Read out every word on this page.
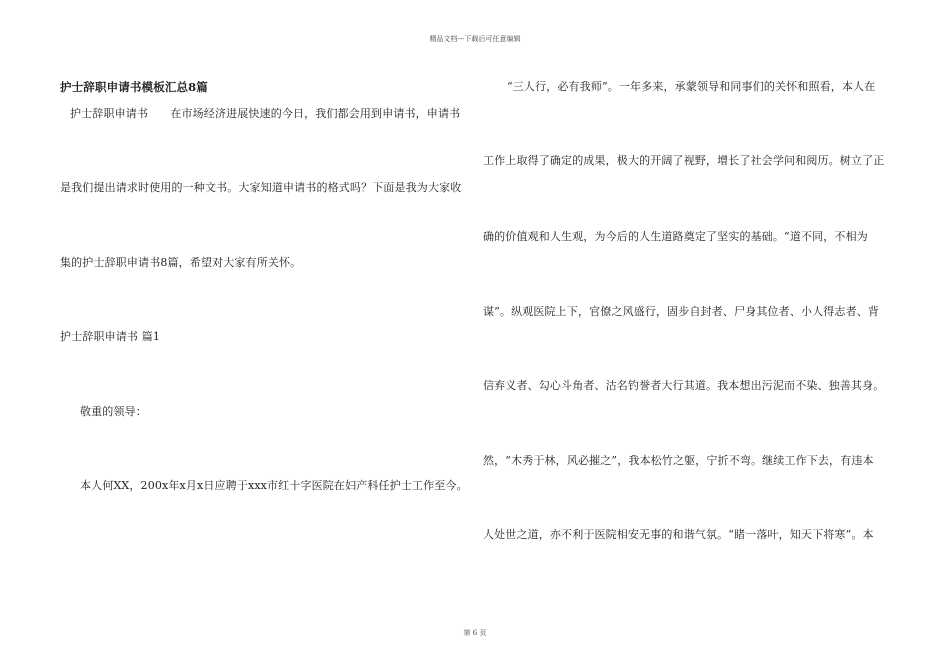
精品文档---下载后可任意编辑
护士辞职申请书模板汇总8篇
护士辞职申请书　　在市场经济进展快速的今日，我们都会用到申请书，申请书
是我们提出请求时使用的一种文书。大家知道申请书的格式吗？下面是我为大家收
集的护士辞职申请书8篇，希望对大家有所关怀。
护士辞职申请书 篇1
敬重的领导：
本人何XX，200x年x月x日应聘于xxx市红十字医院在妇产科任护士工作至今。
“三人行，必有我师”。一年多来，承蒙领导和同事们的关怀和照看，本人在
工作上取得了确定的成果，极大的开阔了视野，增长了社会学问和阅历。树立了正
确的价值观和人生观，为今后的人生道路奠定了坚实的基础。“道不同，不相为
谋”。纵观医院上下，官僚之风盛行，固步自封者、尸身其位者、小人得志者、背
信弃义者、勾心斗角者、沽名钓誉者大行其道。我本想出污泥而不染、独善其身。
然，“木秀于林，风必摧之”，我本松竹之躯，宁折不弯。继续工作下去，有违本
人处世之道，亦不利于医院相安无事的和谐气氛。“睹一落叶，知天下将寒”。本
第 6 页
